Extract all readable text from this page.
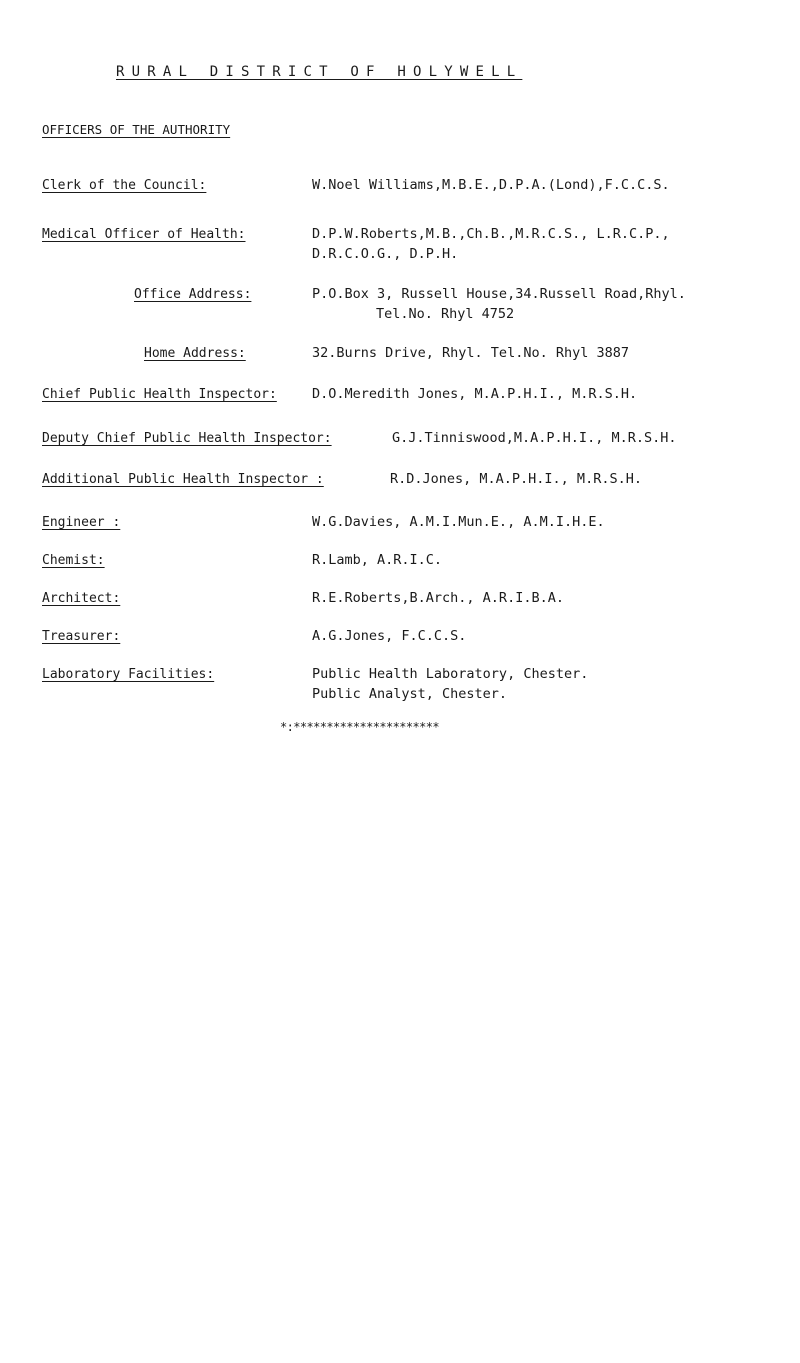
RURAL DISTRICT OF HOLYWELL
OFFICERS OF THE AUTHORITY
Clerk of the Council:	W.Noel Williams,M.B.E.,D.P.A.(Lond),F.C.C.S.
Medical Officer of Health:	D.P.W.Roberts,M.B.,Ch.B.,M.R.C.S., L.R.C.P.,
D.R.C.O.G., D.P.H.
Office Address:	P.O.Box 3, Russell House,34.Russell Road,Rhyl.
Tel.No. Rhyl 4752
Home Address:	32.Burns Drive, Rhyl. Tel.No. Rhyl 3887
Chief Public Health Inspector:	D.O.Meredith Jones, M.A.P.H.I., M.R.S.H.
Deputy Chief Public Health Inspector:	G.J.Tinniswood,M.A.P.H.I., M.R.S.H.
Additional Public Health Inspector :	R.D.Jones, M.A.P.H.I., M.R.S.H.
Engineer :	W.G.Davies, A.M.I.Mun.E., A.M.I.H.E.
Chemist:	R.Lamb, A.R.I.C.
Architect:	R.E.Roberts,B.Arch., A.R.I.B.A.
Treasurer:	A.G.Jones, F.C.C.S.
Laboratory Facilities:	Public Health Laboratory, Chester.
Public Analyst, Chester.
*:**********************
